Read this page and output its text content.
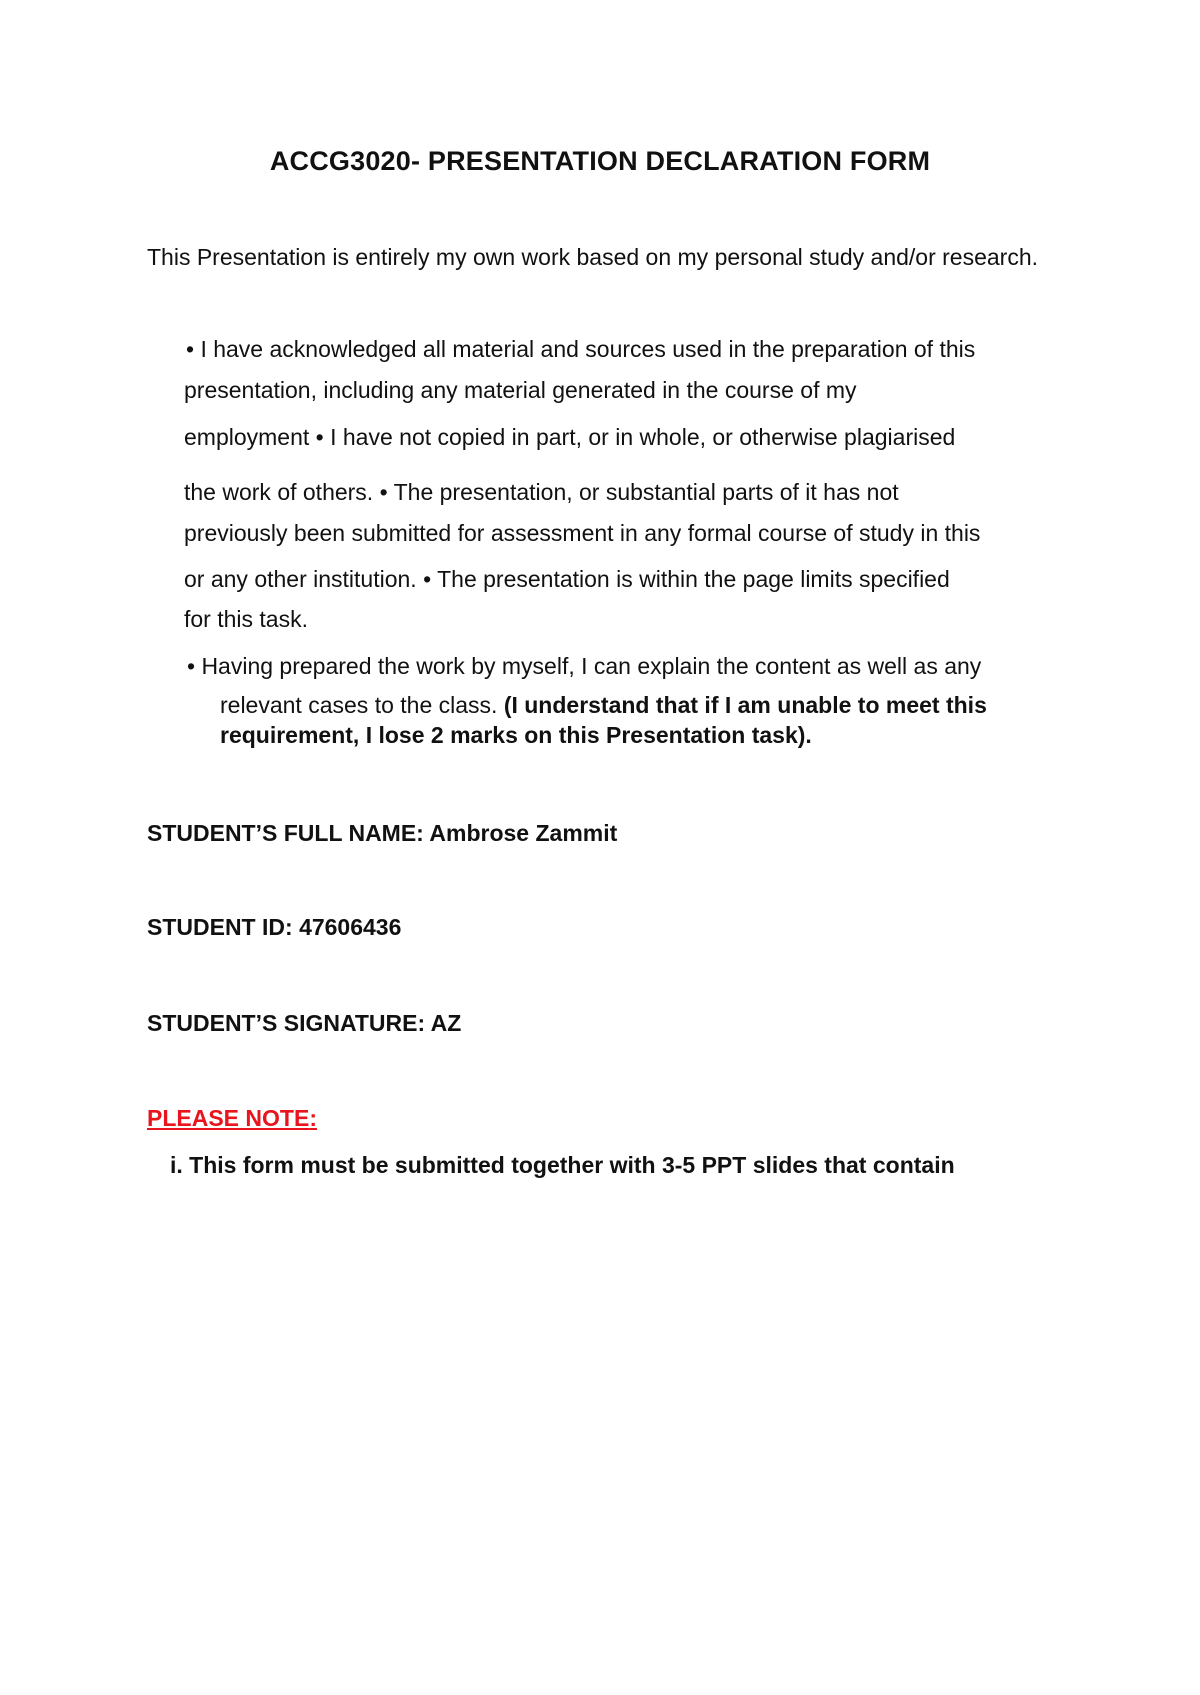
ACCG3020- PRESENTATION DECLARATION FORM
This Presentation is entirely my own work based on my personal study and/or research.
• I have acknowledged all material and sources used in the preparation of this
presentation, including any material generated in the course of my
employment • I have not copied in part, or in whole, or otherwise plagiarised
the work of others. • The presentation, or substantial parts of it has not
previously been submitted for assessment in any formal course of study in this
or any other institution. • The presentation is within the page limits specified
for this task.
• Having prepared the work by myself, I can explain the content as well as any
relevant cases to the class. (I understand that if I am unable to meet this
requirement, I lose 2 marks on this Presentation task).
STUDENT’S FULL NAME: Ambrose Zammit
STUDENT ID: 47606436
STUDENT’S SIGNATURE: AZ
PLEASE NOTE:
i. This form must be submitted together with 3-5 PPT slides that contain
